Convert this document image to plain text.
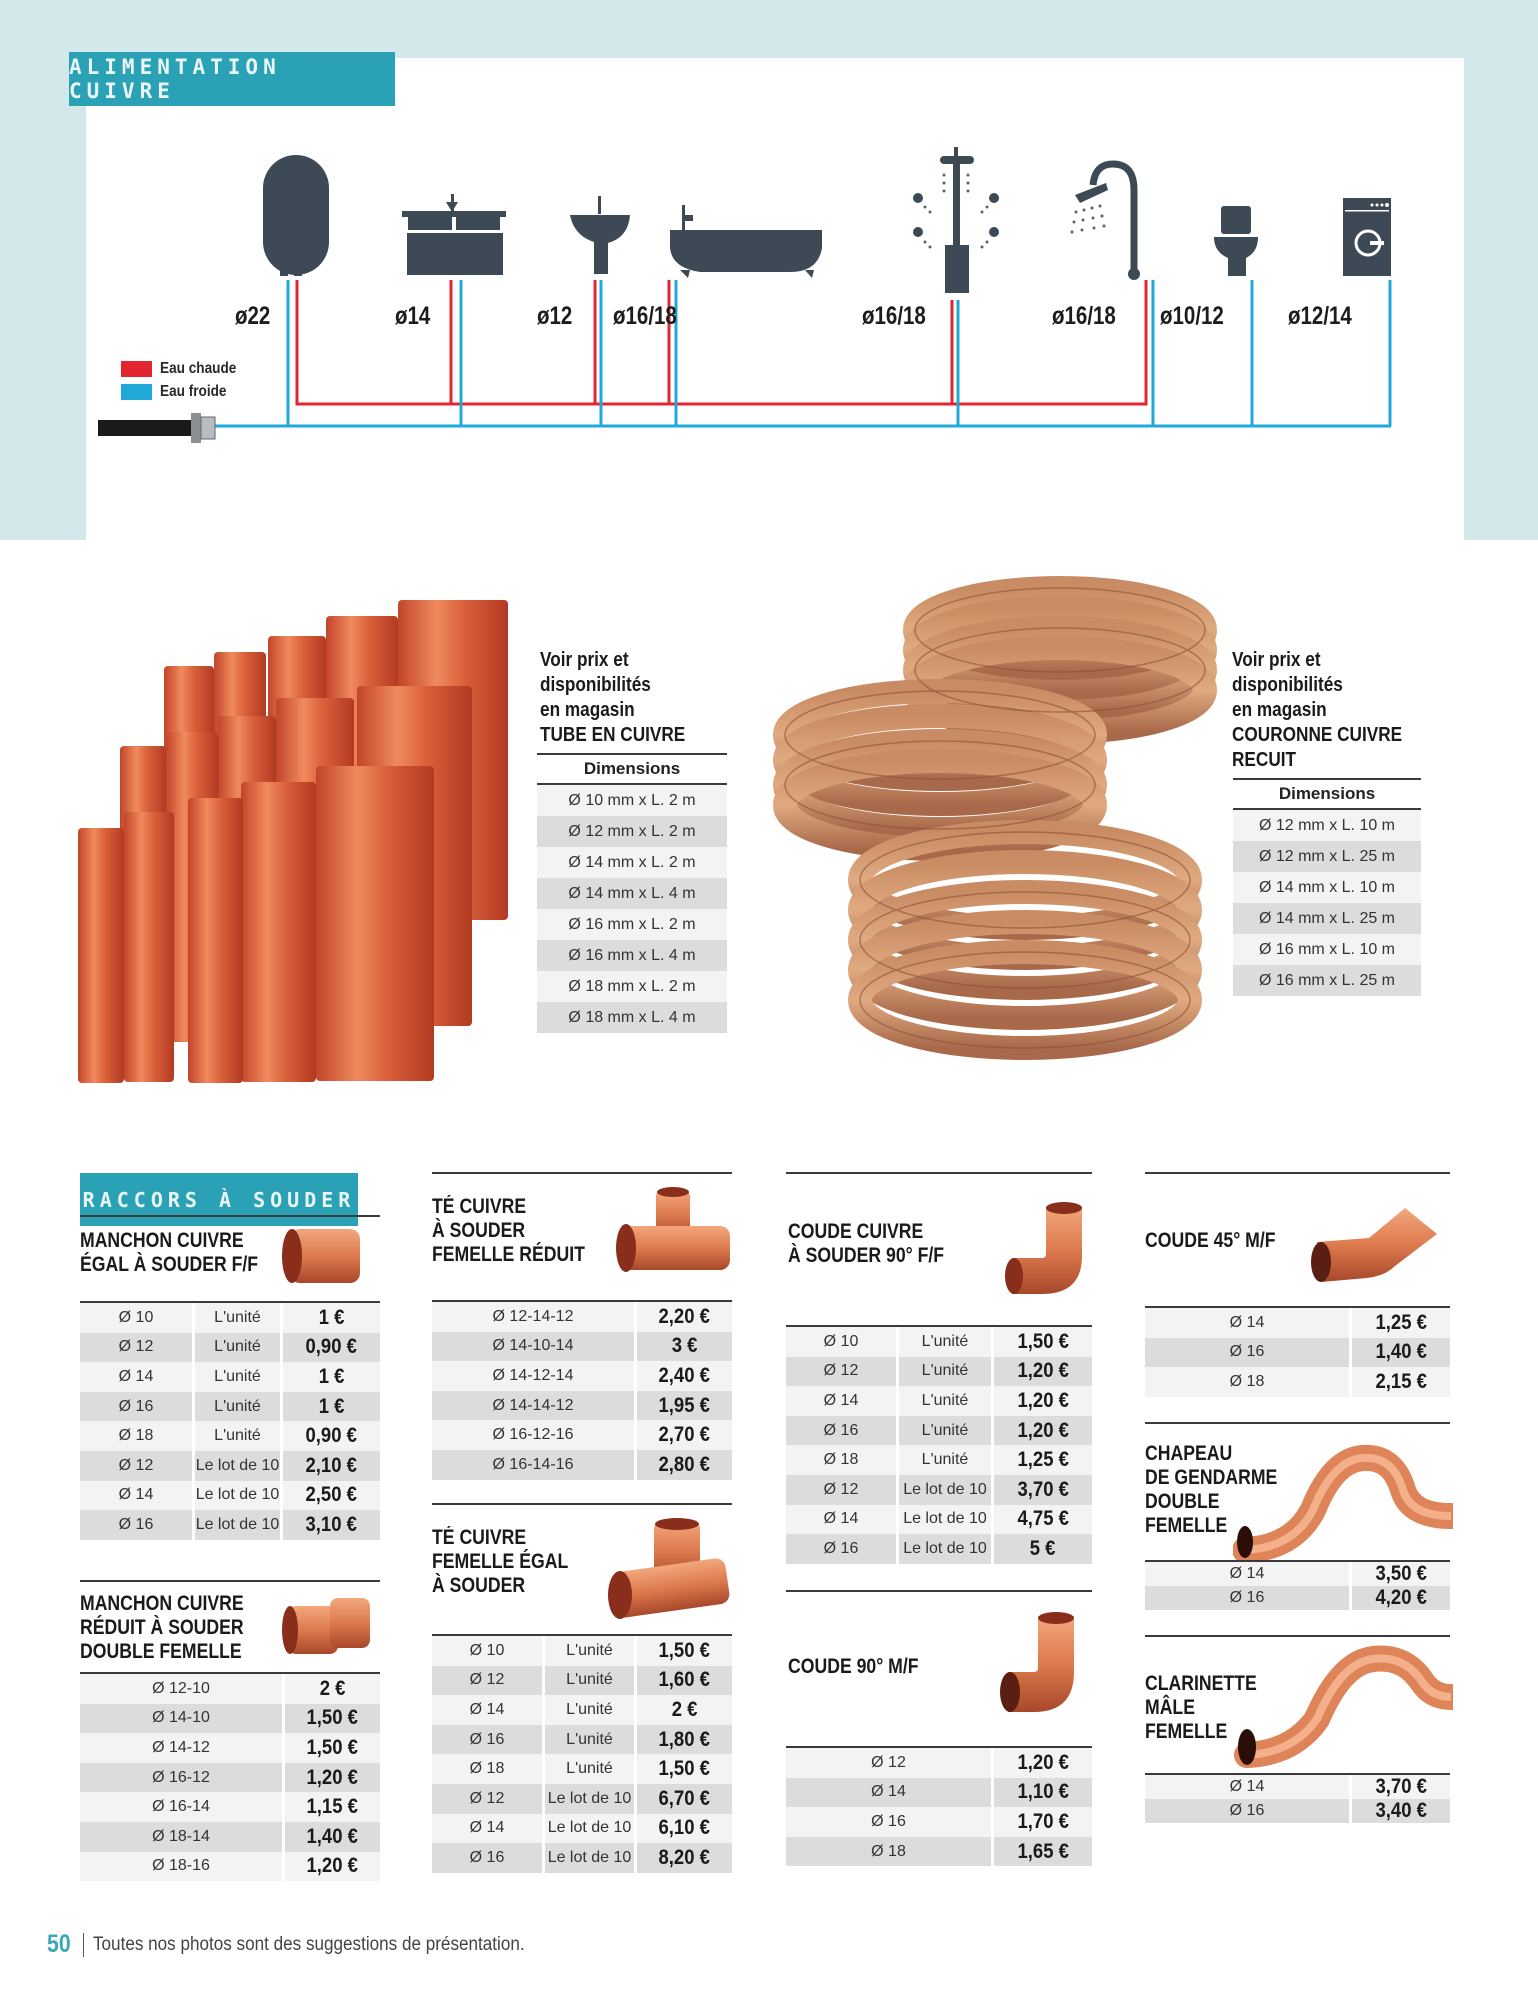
ALIMENTATION CUIVRE
ø22	ø14	ø12 ø16/18	ø16/18	ø16/18 ø10/12	ø12/14
Eau chaude
Eau froide
Voir prix et
disponibilités
en magasin
TUBE EN CUIVRE
Dimensions
Ø 10 mm x L. 2 m
Ø 12 mm x L. 2 m
Ø 14 mm x L. 2 m
Ø 14 mm x L. 4 m
Ø 16 mm x L. 2 m
Ø 16 mm x L. 4 m
Ø 18 mm x L. 2 m
Ø 18 mm x L. 4 m
Voir prix et
disponibilités
en magasin
COURONNE CUIVRE
RECUIT
Dimensions
Ø 12 mm x L. 10 m
Ø 12 mm x L. 25 m
Ø 14 mm x L. 10 m
Ø 14 mm x L. 25 m
Ø 16 mm x L. 10 m
Ø 16 mm x L. 25 m
RACCORS À SOUDER
MANCHON CUIVRE
ÉGAL À SOUDER F/F
Ø 10	L'unité	1 €
Ø 12	L'unité	0,90 €
Ø 14	L'unité	1 €
Ø 16	L'unité	1 €
Ø 18	L'unité	0,90 €
Ø 12	Le lot de 10 2,10 €
Ø 14	Le lot de 10 2,50 €
Ø 16	Le lot de 10 3,10 €
MANCHON CUIVRE
RÉDUIT À SOUDER
DOUBLE FEMELLE
Ø 12-10	2 €
Ø 14-10	1,50 €
Ø 14-12	1,50 €
Ø 16-12	1,20 €
Ø 16-14	1,15 €
Ø 18-14	1,40 €
Ø 18-16	1,20 €
TÉ CUIVRE
À SOUDER
FEMELLE RÉDUIT
Ø 12-14-12	2,20 €
Ø 14-10-14	3 €
Ø 14-12-14	2,40 €
Ø 14-14-12	1,95 €
Ø 16-12-16	2,70 €
Ø 16-14-16	2,80 €
TÉ CUIVRE
FEMELLE ÉGAL
À SOUDER
Ø 10	L'unité	1,50 €
Ø 12	L'unité	1,60 €
Ø 14	L'unité	2 €
Ø 16	L'unité	1,80 €
Ø 18	L'unité	1,50 €
Ø 12	Le lot de 10 6,70 €
Ø 14	Le lot de 10 6,10 €
Ø 16	Le lot de 10 8,20 €
COUDE CUIVRE
À SOUDER 90° F/F
Ø 10	L'unité	1,50 €
Ø 12	L'unité	1,20 €
Ø 14	L'unité	1,20 €
Ø 16	L'unité	1,20 €
Ø 18	L'unité	1,25 €
Ø 12	Le lot de 10	3,70 €
Ø 14	Le lot de 10	4,75 €
Ø 16	Le lot de 10	5 €
COUDE 90° M/F
Ø 12	1,20 €
Ø 14	1,10 €
Ø 16	1,70 €
Ø 18	1,65 €
COUDE 45° M/F
Ø 14	1,25 €
Ø 16	1,40 €
Ø 18	2,15 €
CHAPEAU
DE GENDARME
DOUBLE
FEMELLE
Ø 14	3,50 €
Ø 16	4,20 €
CLARINETTE
MÂLE
FEMELLE
Ø 14	3,70 €
Ø 16	3,40 €
50 Toutes nos photos sont des suggestions de présentation.
